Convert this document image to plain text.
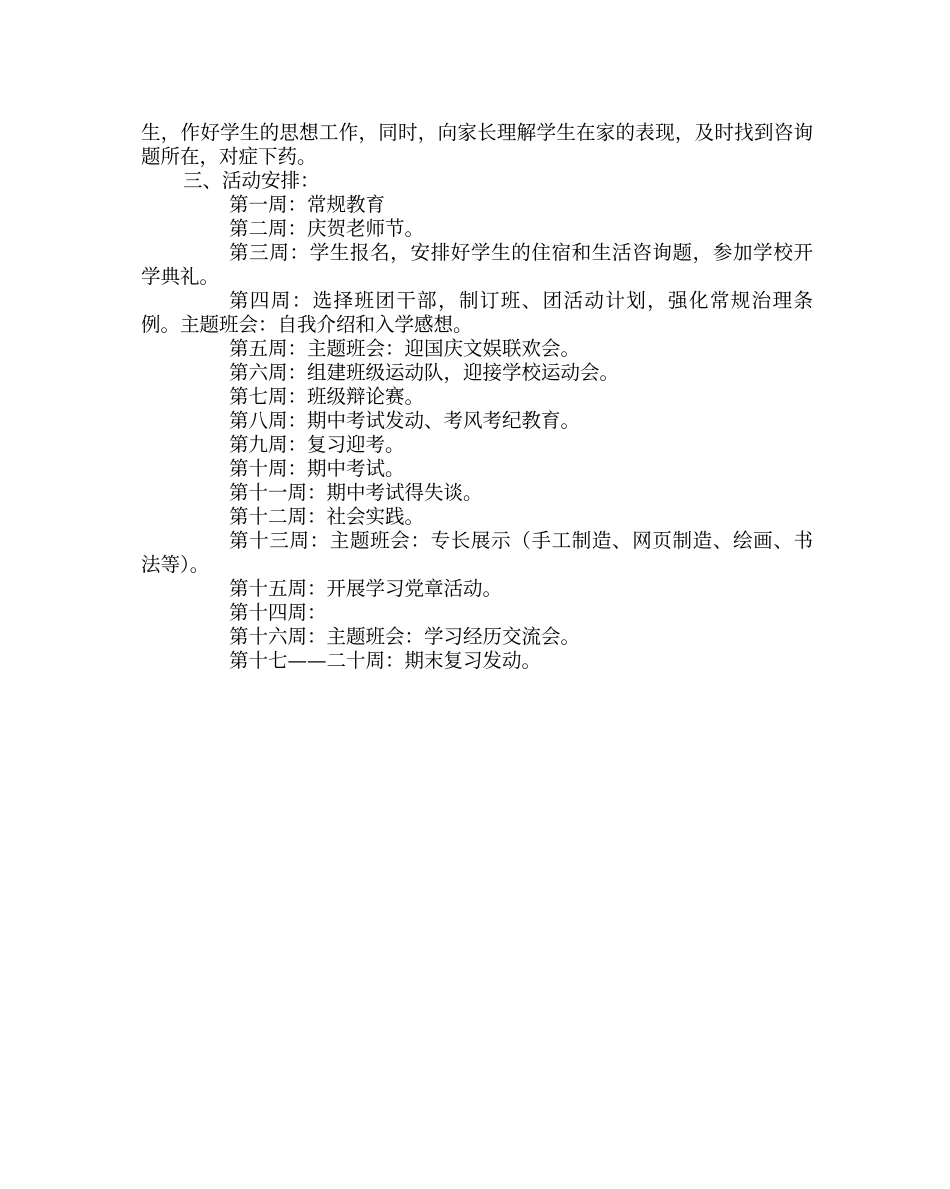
生，作好学生的思想工作，同时，向家长理解学生在家的表现，及时找到咨询题所在，对症下药。

三、活动安排：

第一周：常规教育

第二周：庆贺老师节。

第三周：学生报名，安排好学生的住宿和生活咨询题，参加学校开学典礼。

第四周：选择班团干部，制订班、团活动计划，强化常规治理条例。主题班会：自我介绍和入学感想。

第五周：主题班会：迎国庆文娱联欢会。

第六周：组建班级运动队，迎接学校运动会。

第七周：班级辩论赛。

第八周：期中考试发动、考风考纪教育。

第九周：复习迎考。

第十周：期中考试。

第十一周：期中考试得失谈。

第十二周：社会实践。

第十三周：主题班会：专长展示（手工制造、网页制造、绘画、书法等）。

第十五周：开展学习党章活动。

第十四周：

第十六周：主题班会：学习经历交流会。

第十七——二十周：期末复习发动。
